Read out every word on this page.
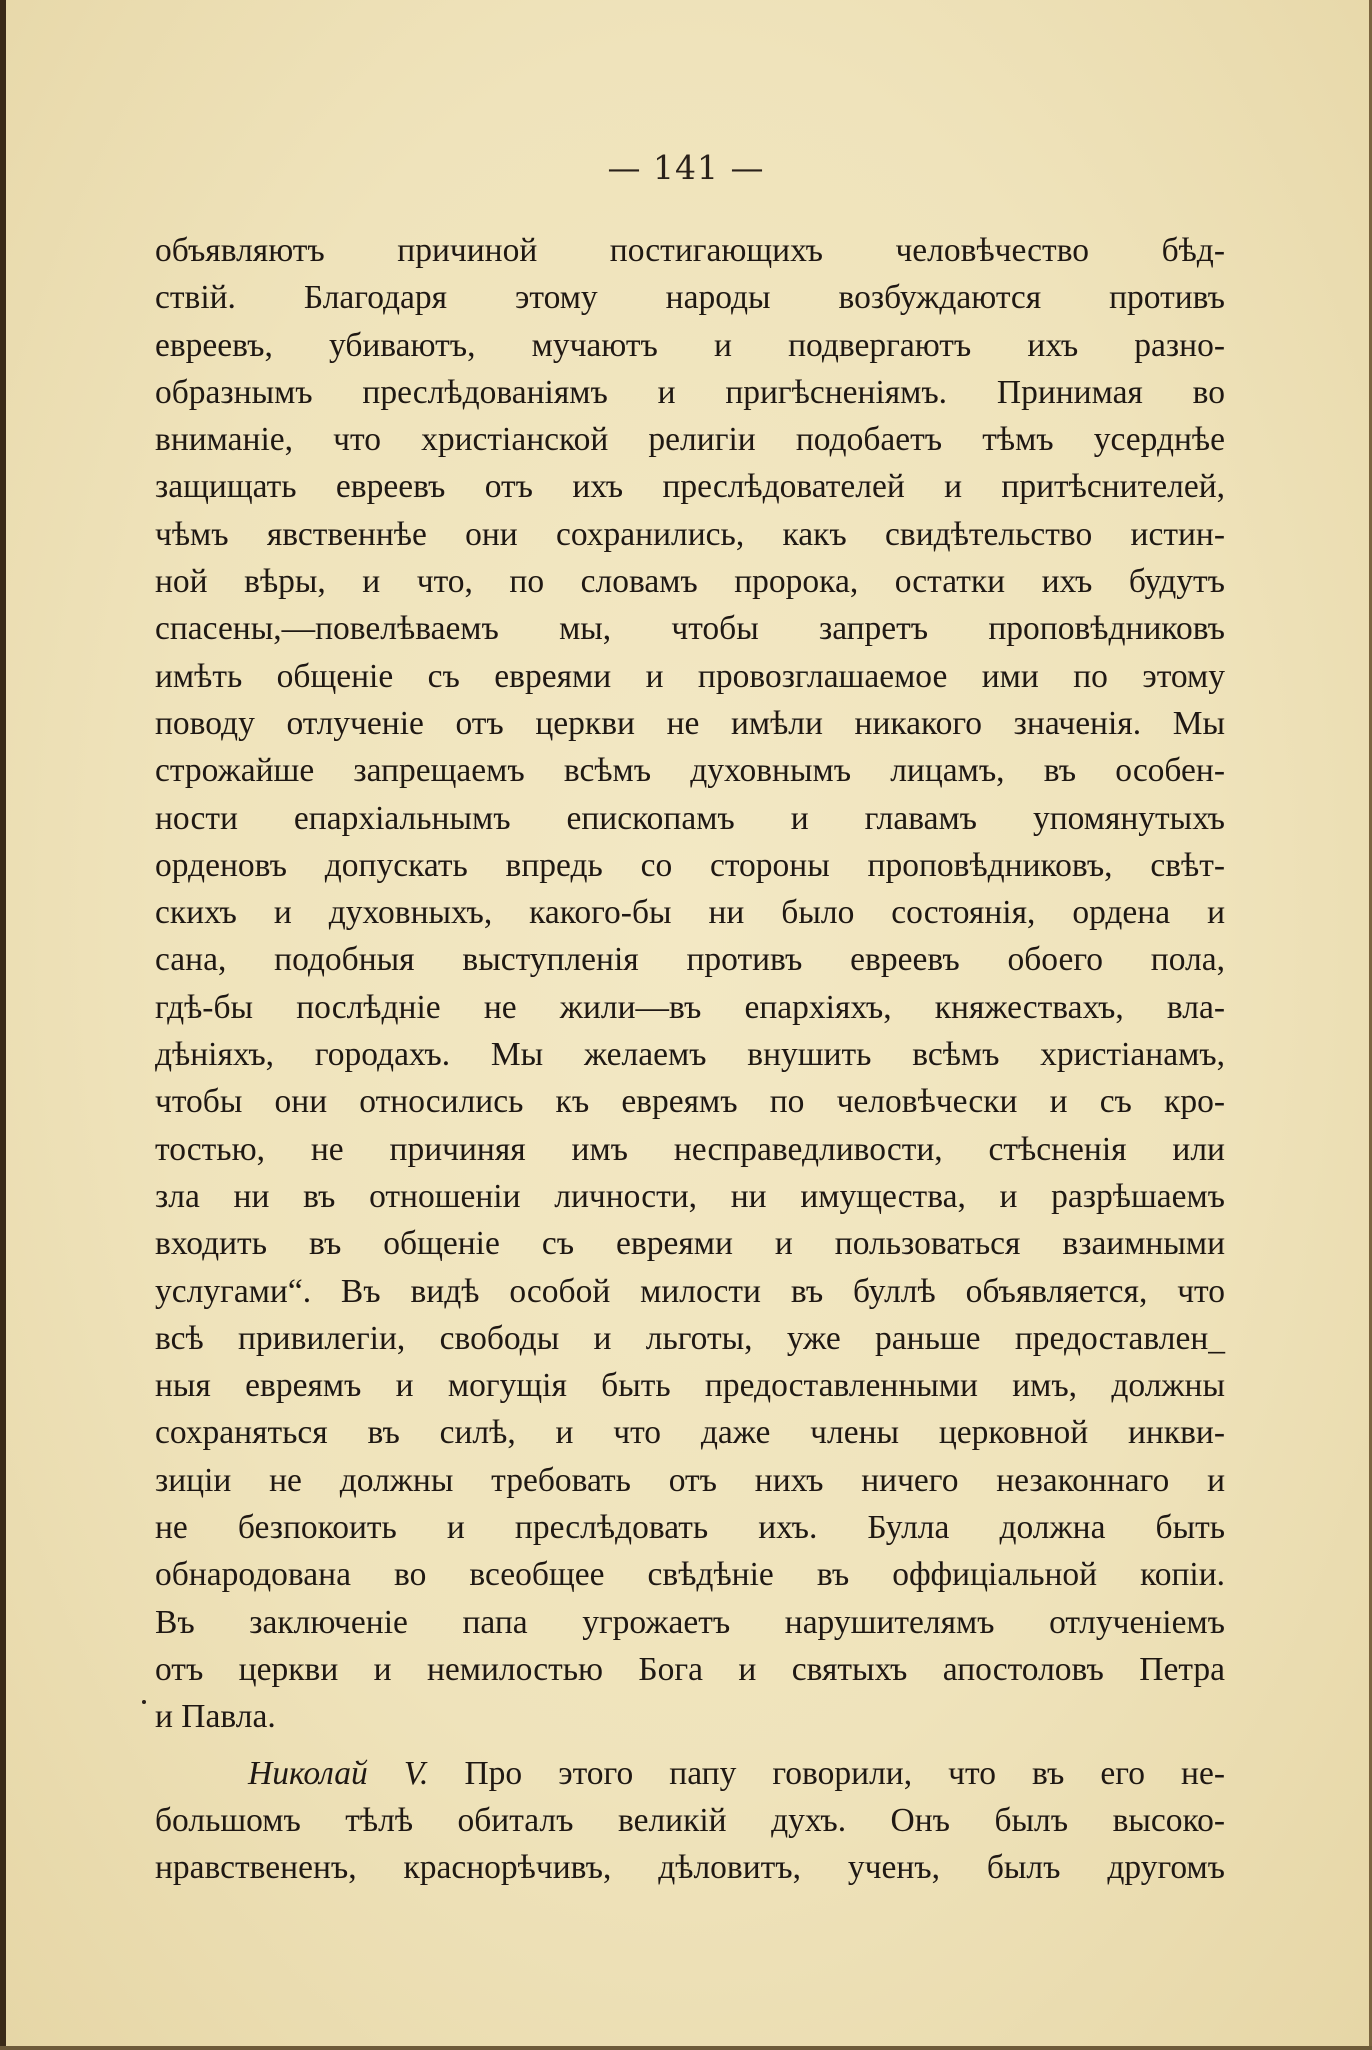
— 141 —
объявляютъ причиной постигающихъ человѣчество бѣд-
ствій. Благодаря этому народы возбуждаются противъ
евреевъ, убиваютъ, мучаютъ и подвергаютъ ихъ разно-
образнымъ преслѣдованіямъ и пригѣсненіямъ. Принимая во
вниманіе, что христіанской религіи подобаетъ тѣмъ усерднѣе
защищать евреевъ отъ ихъ преслѣдователей и притѣснителей,
чѣмъ явственнѣе они сохранились, какъ свидѣтельство истин-
ной вѣры, и что, по словамъ пророка, остатки ихъ будутъ
спасены,—повелѣваемъ мы, чтобы запретъ проповѣдниковъ
имѣть общеніе съ евреями и провозглашаемое ими по этому
поводу отлученіе отъ церкви не имѣли никакого значенія. Мы
строжайше запрещаемъ всѣмъ духовнымъ лицамъ, въ особен-
ности епархіальнымъ епископамъ и главамъ упомянутыхъ
орденовъ допускать впредь со стороны проповѣдниковъ, свѣт-
скихъ и духовныхъ, какого-бы ни было состоянія, ордена и
сана, подобныя выступленія противъ евреевъ обоего пола,
гдѣ-бы послѣдніе не жили—въ епархіяхъ, княжествахъ, вла-
дѣніяхъ, городахъ. Мы желаемъ внушить всѣмъ христіанамъ,
чтобы они относились къ евреямъ по человѣчески и съ кро-
тостью, не причиняя имъ несправедливости, стѣсненія или
зла ни въ отношеніи личности, ни имущества, и разрѣшаемъ
входить въ общеніе съ евреями и пользоваться взаимными
услугами“. Въ видѣ особой милости въ буллѣ объявляется, что
всѣ привилегіи, свободы и льготы, уже раньше предоставлен_
ныя евреямъ и могущія быть предоставленными имъ, должны
сохраняться въ силѣ, и что даже члены церковной инкви-
зиціи не должны требовать отъ нихъ ничего незаконнаго и
не безпокоить и преслѣдовать ихъ. Булла должна быть
обнародована во всеобщее свѣдѣніе въ оффиціальной копіи.
Въ заключеніе папа угрожаетъ нарушителямъ отлученіемъ
отъ церкви и немилостью Бога и святыхъ апостоловъ Петра
и Павла.
Николай V. Про этого папу говорили, что въ его не-
большомъ тѣлѣ обиталъ великій духъ. Онъ былъ высоко-
нравствененъ, краснорѣчивъ, дѣловитъ, ученъ, былъ другомъ
